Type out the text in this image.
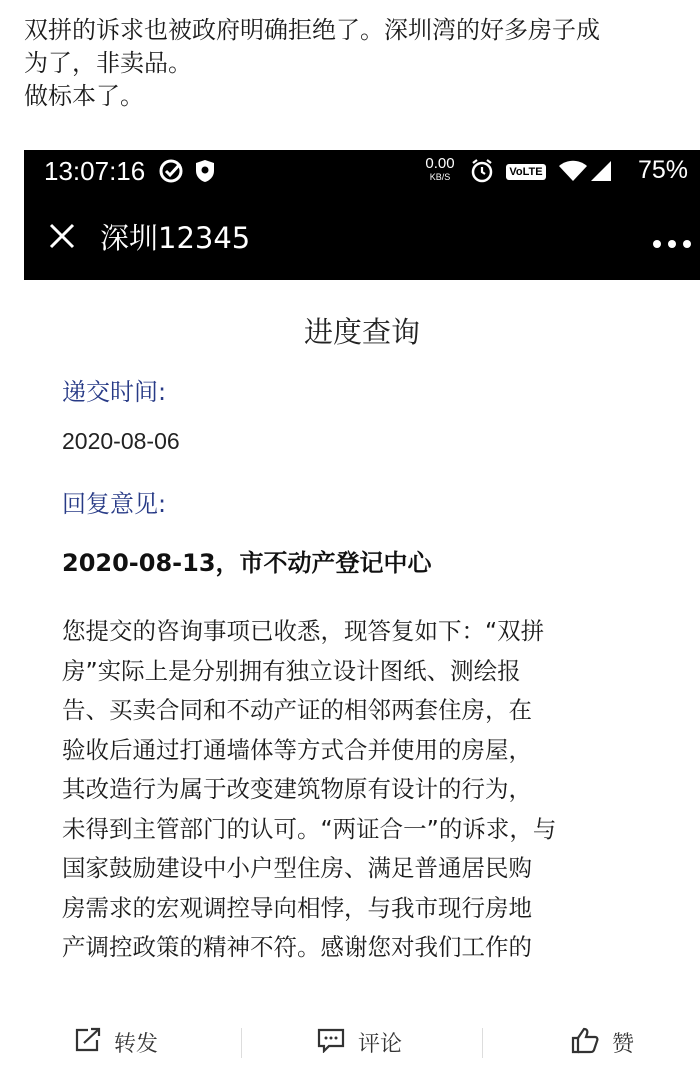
双拼的诉求也被政府明确拒绝了。深圳湾的好多房子成
为了，非卖品。
做标本了。
13:07:16	0.00
KB/S	VoLTE	75%
深圳12345
进度查询
递交时间:
2020-08-06
回复意见:
2020-08-13，市不动产登记中心
您提交的咨询事项已收悉，现答复如下：“双拼
房”实际上是分别拥有独立设计图纸、测绘报
告、买卖合同和不动产证的相邻两套住房，在
验收后通过打通墙体等方式合并使用的房屋，
其改造行为属于改变建筑物原有设计的行为，
未得到主管部门的认可。“两证合一”的诉求，与
国家鼓励建设中小户型住房、满足普通居民购
房需求的宏观调控导向相悖，与我市现行房地
产调控政策的精神不符。感谢您对我们工作的
转发	评论	赞
